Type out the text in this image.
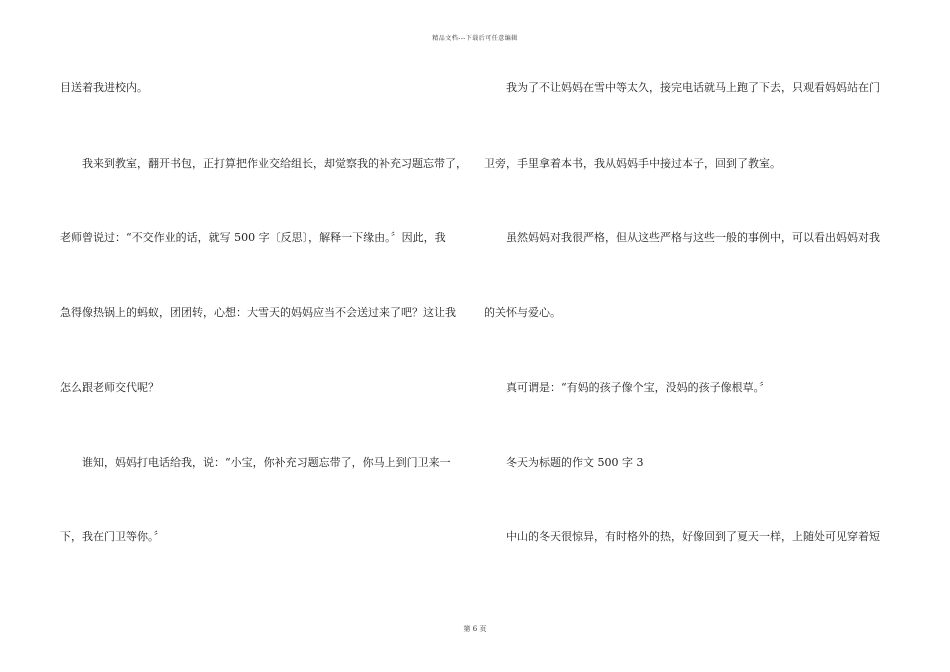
精品文档---下载后可任意编辑
目送着我进校内。
我来到教室，翻开书包，正打算把作业交给组长，却觉察我的补充习题忘带了，
老师曾说过：“不交作业的话，就写 500 字〔反思〕，解释一下缘由。〞因此，我
急得像热锅上的蚂蚁，团团转，心想：大雪天的妈妈应当不会送过来了吧？这让我
怎么跟老师交代呢？
谁知，妈妈打电话给我，说：“小宝，你补充习题忘带了，你马上到门卫来一
下，我在门卫等你。〞
我为了不让妈妈在雪中等太久，接完电话就马上跑了下去，只观看妈妈站在门
卫旁，手里拿着本书，我从妈妈手中接过本子，回到了教室。
虽然妈妈对我很严格，但从这些严格与这些一般的事例中，可以看出妈妈对我
的关怀与爱心。
真可谓是：“有妈的孩子像个宝，没妈的孩子像根草。〞
冬天为标题的作文 500 字 3
中山的冬天很惊异，有时格外的热，好像回到了夏天一样，上随处可见穿着短
第 6 页
